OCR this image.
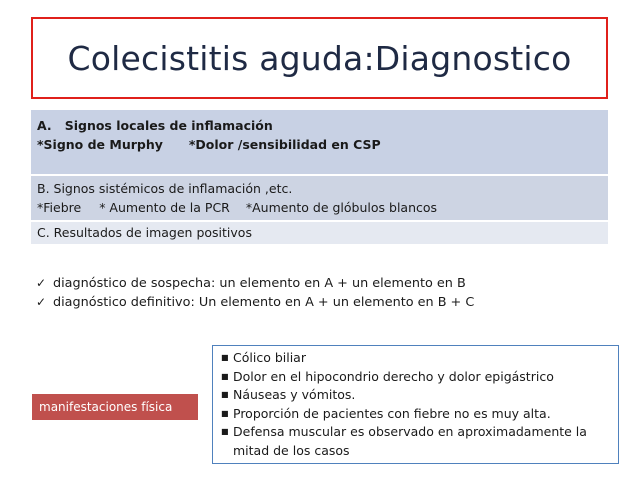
Colecistitis aguda:Diagnostico
A.   Signos locales de inflamación
*Signo de Murphy *Dolor /sensibilidad en CSP
B. Signos sistémicos de inflamación ,etc.
*Fiebre * Aumento de la PCR *Aumento de glóbulos blancos
C. Resultados de imagen positivos
✓ diagnóstico de sospecha: un elemento en A + un elemento en B
✓ diagnóstico definitivo: Un elemento en A + un elemento en B + C
manifestaciones física
■ Cólico biliar
■ Dolor en el hipocondrio derecho y dolor epigástrico
■ Náuseas y vómitos.
■ Proporción de pacientes con fiebre no es muy alta.
■ Defensa muscular es observado en aproximadamente la mitad de los casos
